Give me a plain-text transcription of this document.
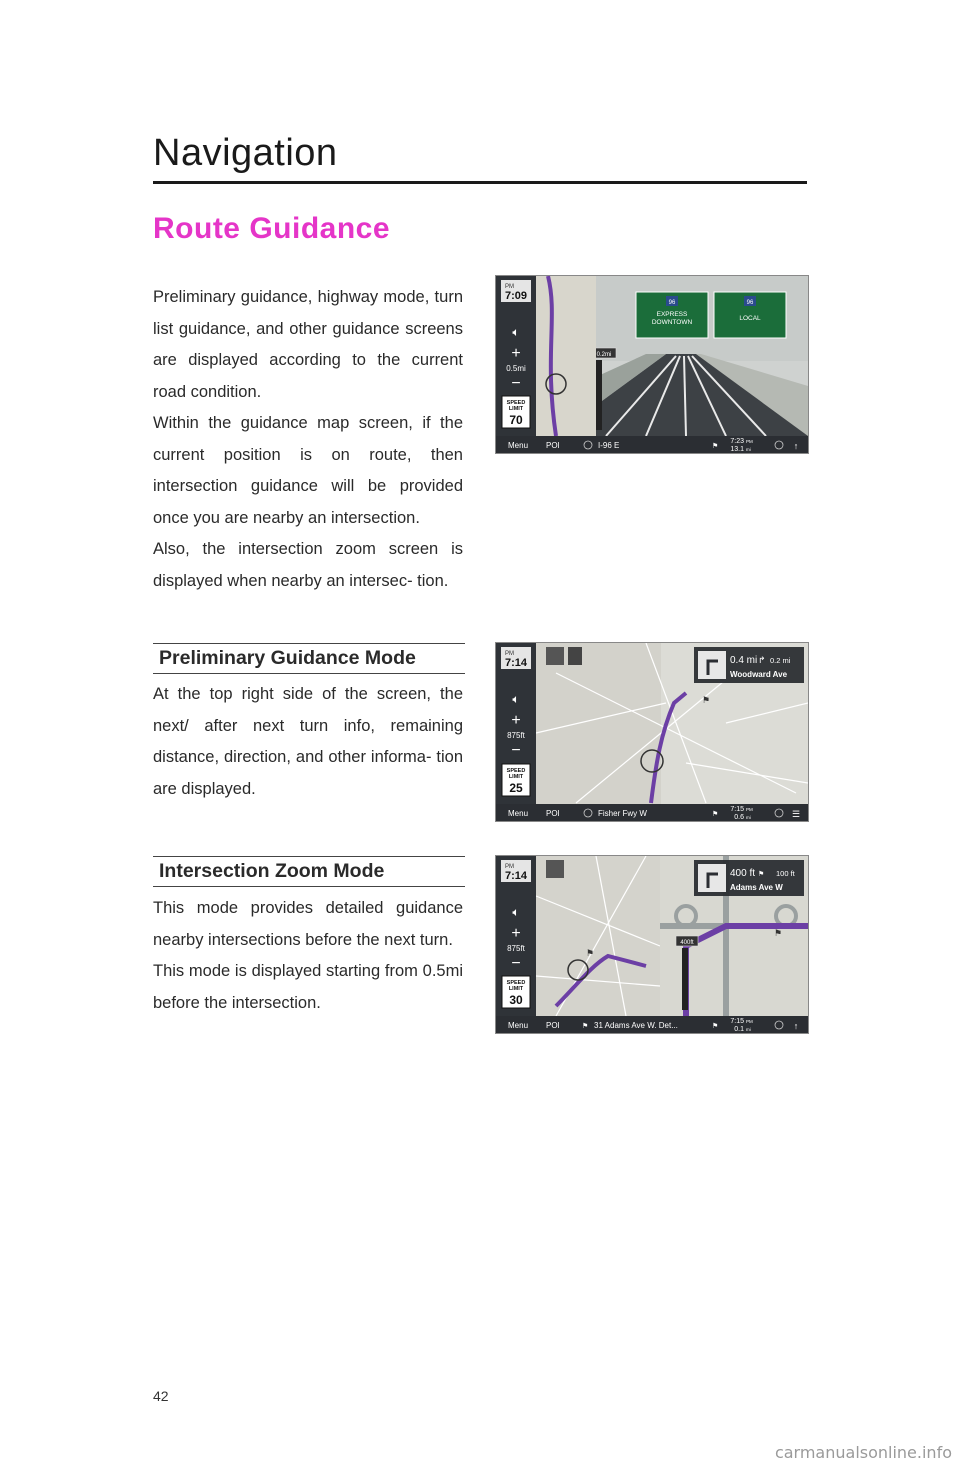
Navigation
Route Guidance

Preliminary guidance, highway mode, turn list guidance, and other guidance screens are displayed according to the current road condition.

Within the guidance map screen, if the current position is on route, then intersection guidance will be provided once you are nearby an intersection.

Also, the intersection zoom screen is displayed when nearby an intersec- tion.

96	96
EXPRESS
DOWNTOWN
LOCAL
0.2mi
PM
7:09
🔈︎
+
0.5mi
−
SPEED
LIMIT
70
Menu POI	I-96 E	⚑
7:23 PM
13.1 mi	↑
Preliminary Guidance Mode

At the top right side of the screen, the next/ after next turn info, remaining distance, direction, and other informa- tion are displayed.

⚑
0.4 mi ↱ 0.2 mi
Woodward Ave
PM
7:14
🔈︎
+
875ft
−
SPEED
LIMIT
25
Menu POI	Fisher Fwy W	⚑
7:15 PM
0.6 mi	☰
Intersection Zoom Mode

This mode provides detailed guidance nearby intersections before the next turn.

This mode is displayed starting from 0.5mi before the intersection.

⚑
⚑
400ft
400 ft ⚑ 100 ft
Adams Ave W
PM
7:14
🔈︎
+
875ft
−
SPEED
LIMIT
30
Menu POI	⚑ 31 Adams Ave W. Det...	⚑
7:15 PM
0.1 mi	↑
42
carmanualsonline.info
